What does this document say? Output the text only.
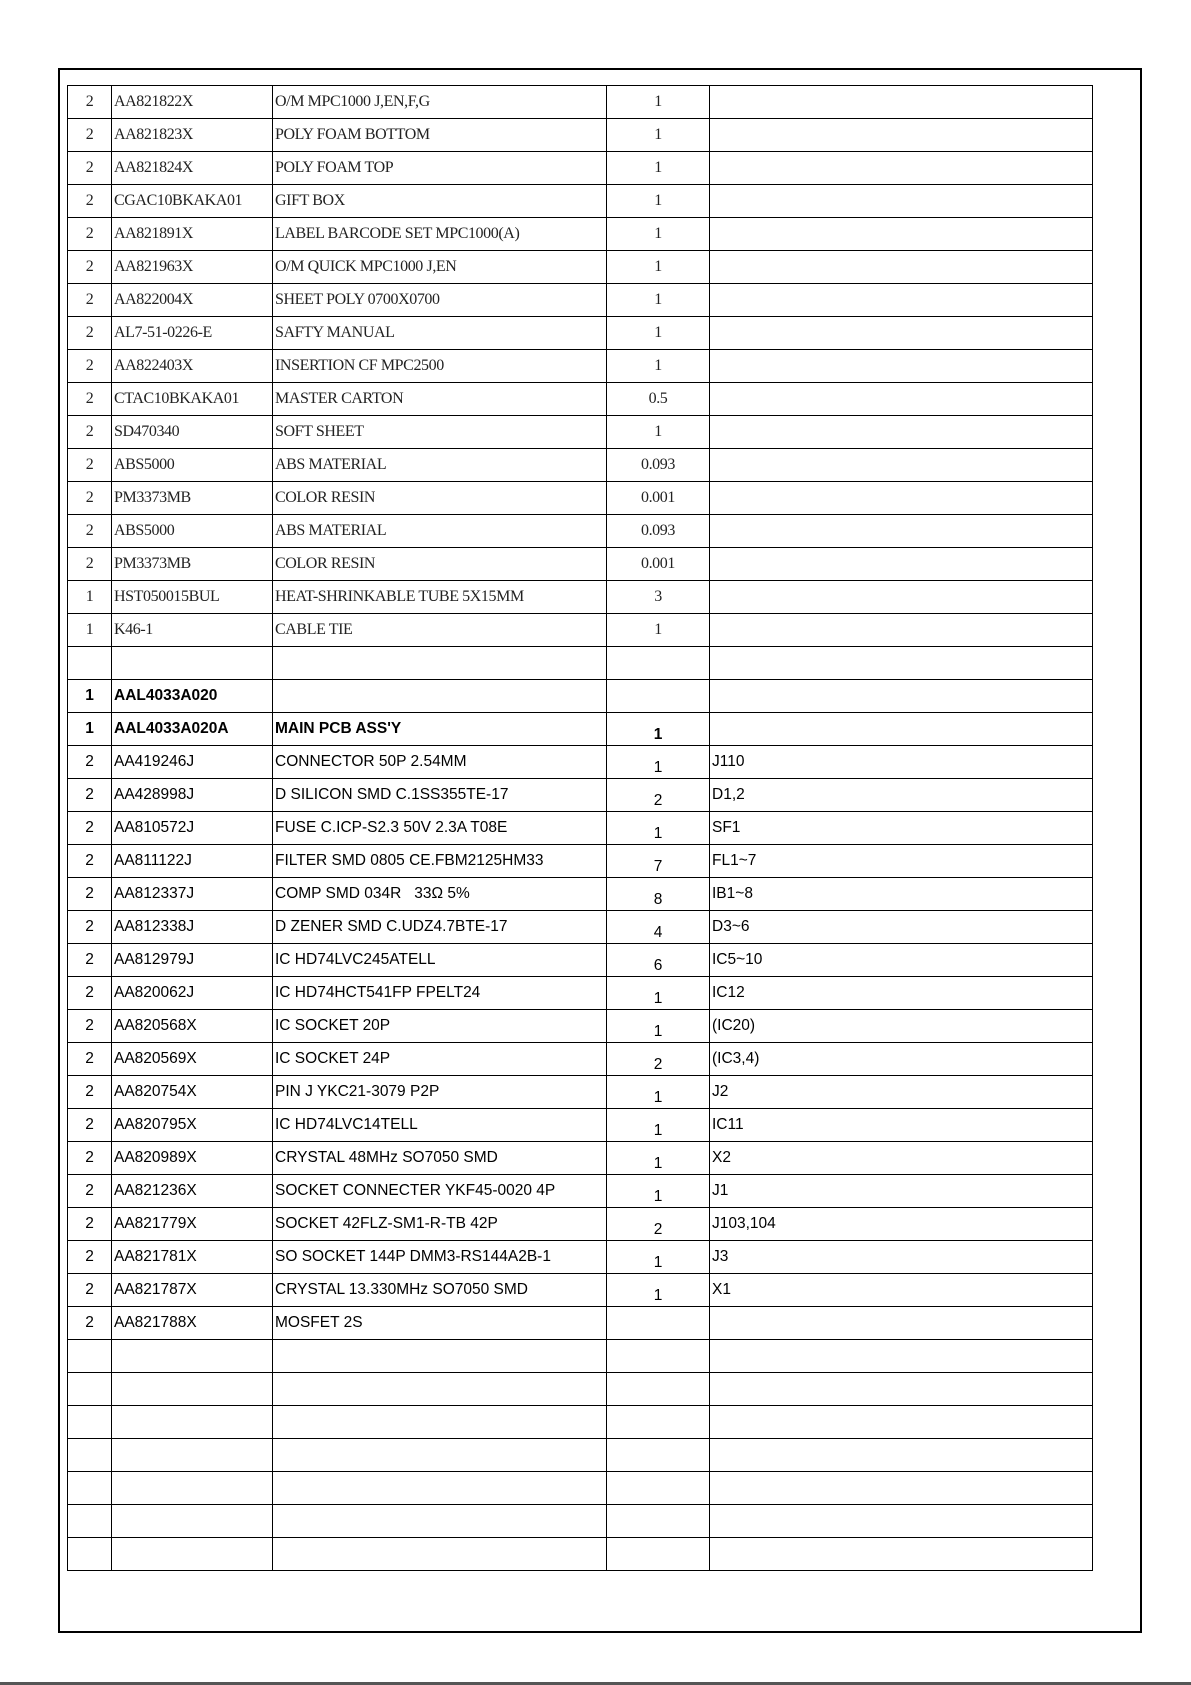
2	AA821822X	O/M MPC1000 J,EN,F,G	1	
2	AA821823X	POLY FOAM BOTTOM	1	
2	AA821824X	POLY FOAM TOP	1	
2	CGAC10BKAKA01	GIFT BOX	1	
2	AA821891X	LABEL BARCODE SET MPC1000(A)	1	
2	AA821963X	O/M QUICK MPC1000 J,EN	1	
2	AA822004X	SHEET POLY 0700X0700	1	
2	AL7-51-0226-E	SAFTY MANUAL	1	
2	AA822403X	INSERTION CF MPC2500	1	
2	CTAC10BKAKA01	MASTER CARTON	0.5	
2	SD470340	SOFT SHEET	1	
2	ABS5000	ABS MATERIAL	0.093	
2	PM3373MB	COLOR RESIN	0.001	
2	ABS5000	ABS MATERIAL	0.093	
2	PM3373MB	COLOR RESIN	0.001	
1	HST050015BUL	HEAT-SHRINKABLE TUBE 5X15MM	3	
1	K46-1	CABLE TIE	1	

1	AAL4033A020			
1	AAL4033A020A	MAIN PCB ASS'Y	1	
2	AA419246J	CONNECTOR 50P 2.54MM	1	J110
2	AA428998J	D SILICON SMD C.1SS355TE-17	2	D1,2
2	AA810572J	FUSE C.ICP-S2.3 50V 2.3A T08E	1	SF1
2	AA811122J	FILTER SMD 0805 CE.FBM2125HM33	7	FL1~7
2	AA812337J	COMP SMD 034R   33Ω 5%	8	IB1~8
2	AA812338J	D ZENER SMD C.UDZ4.7BTE-17	4	D3~6
2	AA812979J	IC HD74LVC245ATELL	6	IC5~10
2	AA820062J	IC HD74HCT541FP FPELT24	1	IC12
2	AA820568X	IC SOCKET 20P	1	(IC20)
2	AA820569X	IC SOCKET 24P	2	(IC3,4)
2	AA820754X	PIN J YKC21-3079 P2P	1	J2
2	AA820795X	IC HD74LVC14TELL	1	IC11
2	AA820989X	CRYSTAL 48MHz SO7050 SMD	1	X2
2	AA821236X	SOCKET CONNECTER YKF45-0020 4P	1	J1
2	AA821779X	SOCKET 42FLZ-SM1-R-TB 42P	2	J103,104
2	AA821781X	SO SOCKET 144P DMM3-RS144A2B-1	1	J3
2	AA821787X	CRYSTAL 13.330MHz SO7050 SMD	1	X1
2	AA821788X	MOSFET 2S		
